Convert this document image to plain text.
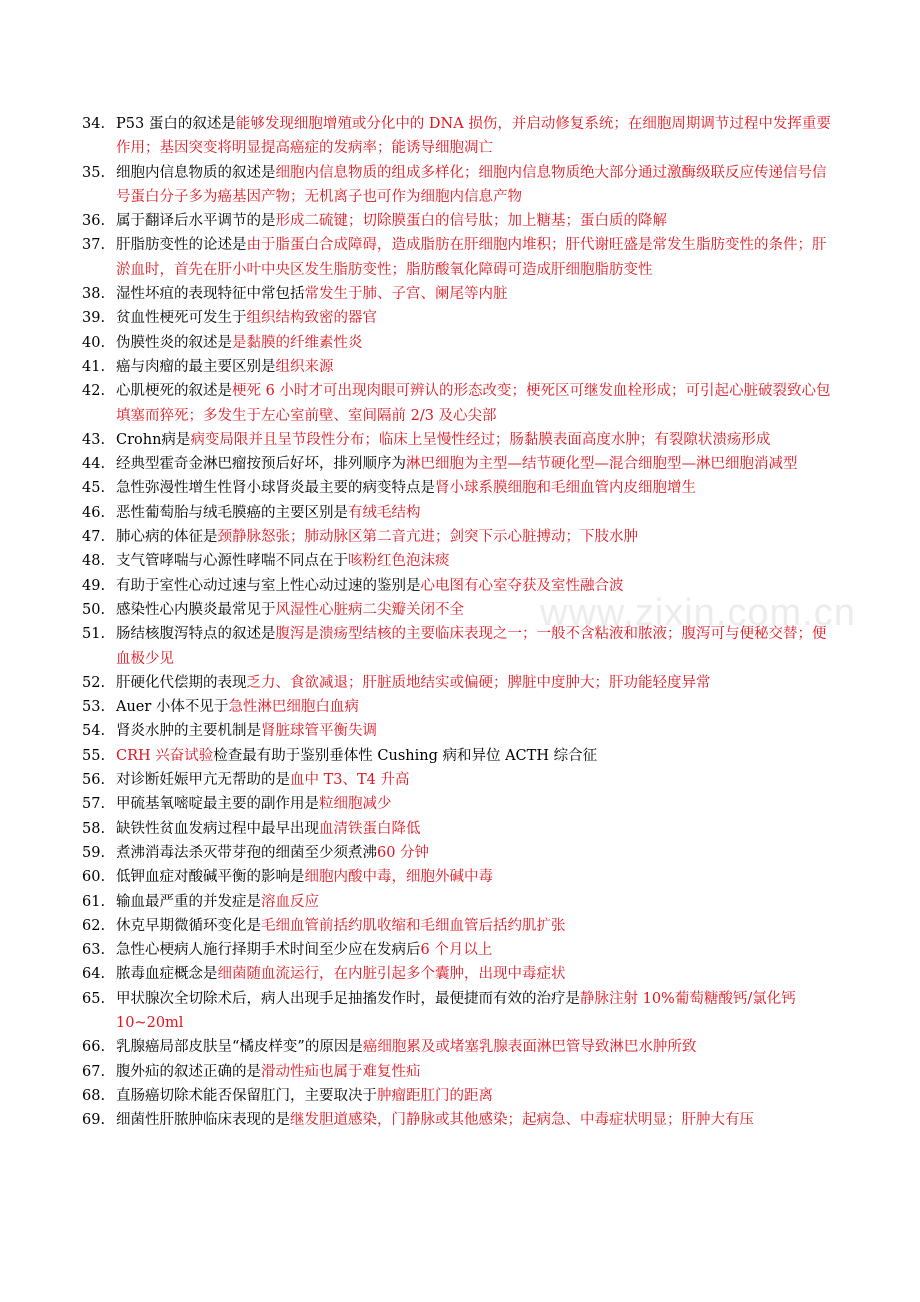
www.zixin.com.cn
34. P53 蛋白的叙述是能够发现细胞增殖或分化中的 DNA 损伤，并启动修复系统；在细胞周期调节过程中发挥重要作用；基因突变将明显提高癌症的发病率；能诱导细胞凋亡
35. 细胞内信息物质的叙述是细胞内信息物质的组成多样化；细胞内信息物质绝大部分通过激酶级联反应传递信号信号蛋白分子多为癌基因产物；无机离子也可作为细胞内信息产物
36. 属于翻译后水平调节的是形成二硫键；切除膜蛋白的信号肽；加上糖基；蛋白质的降解
37. 肝脂肪变性的论述是由于脂蛋白合成障碍，造成脂肪在肝细胞内堆积；肝代谢旺盛是常发生脂肪变性的条件；肝淤血时，首先在肝小叶中央区发生脂肪变性；脂肪酸氧化障碍可造成肝细胞脂肪变性
38. 湿性坏疽的表现特征中常包括常发生于肺、子宫、阑尾等内脏
39. 贫血性梗死可发生于组织结构致密的器官
40. 伪膜性炎的叙述是是黏膜的纤维素性炎
41. 癌与肉瘤的最主要区别是组织来源
42. 心肌梗死的叙述是梗死 6 小时才可出现肉眼可辨认的形态改变；梗死区可继发血栓形成；可引起心脏破裂致心包填塞而猝死；多发生于左心室前壁、室间隔前 2/3 及心尖部
43. Crohn病是病变局限并且呈节段性分布；临床上呈慢性经过；肠黏膜表面高度水肿；有裂隙状溃疡形成
44. 经典型霍奇金淋巴瘤按预后好坏，排列顺序为淋巴细胞为主型—结节硬化型—混合细胞型—淋巴细胞消减型
45. 急性弥漫性增生性肾小球肾炎最主要的病变特点是肾小球系膜细胞和毛细血管内皮细胞增生
46. 恶性葡萄胎与绒毛膜癌的主要区别是有绒毛结构
47. 肺心病的体征是颈静脉怒张；肺动脉区第二音亢进；剑突下示心脏搏动；下肢水肿
48. 支气管哮喘与心源性哮喘不同点在于咳粉红色泡沫痰
49. 有助于室性心动过速与室上性心动过速的鉴别是心电图有心室夺获及室性融合波
50. 感染性心内膜炎最常见于风湿性心脏病二尖瓣关闭不全
51. 肠结核腹泻特点的叙述是腹泻是溃疡型结核的主要临床表现之一；一般不含粘液和脓液；腹泻可与便秘交替；便血极少见
52. 肝硬化代偿期的表现乏力、食欲减退；肝脏质地结实或偏硬；脾脏中度肿大；肝功能轻度异常
53. Auer 小体不见于急性淋巴细胞白血病
54. 肾炎水肿的主要机制是肾脏球管平衡失调
55. CRH 兴奋试验检查最有助于鉴别垂体性 Cushing 病和异位 ACTH 综合征
56. 对诊断妊娠甲亢无帮助的是血中 T3、T4 升高
57. 甲硫基氧嘧啶最主要的副作用是粒细胞减少
58. 缺铁性贫血发病过程中最早出现血清铁蛋白降低
59. 煮沸消毒法杀灭带芽孢的细菌至少须煮沸60 分钟
60. 低钾血症对酸碱平衡的影响是细胞内酸中毒，细胞外碱中毒
61. 输血最严重的并发症是溶血反应
62. 休克早期微循环变化是毛细血管前括约肌收缩和毛细血管后括约肌扩张
63. 急性心梗病人施行择期手术时间至少应在发病后6 个月以上
64. 脓毒血症概念是细菌随血流运行，在内脏引起多个囊肿，出现中毒症状
65. 甲状腺次全切除术后，病人出现手足抽搐发作时，最便捷而有效的治疗是静脉注射 10%葡萄糖酸钙/氯化钙 10~20ml
66. 乳腺癌局部皮肤呈“橘皮样变”的原因是癌细胞累及或堵塞乳腺表面淋巴管导致淋巴水肿所致
67. 腹外疝的叙述正确的是滑动性疝也属于难复性疝
68. 直肠癌切除术能否保留肛门，主要取决于肿瘤距肛门的距离
69. 细菌性肝脓肿临床表现的是继发胆道感染，门静脉或其他感染；起病急、中毒症状明显；肝肿大有压
